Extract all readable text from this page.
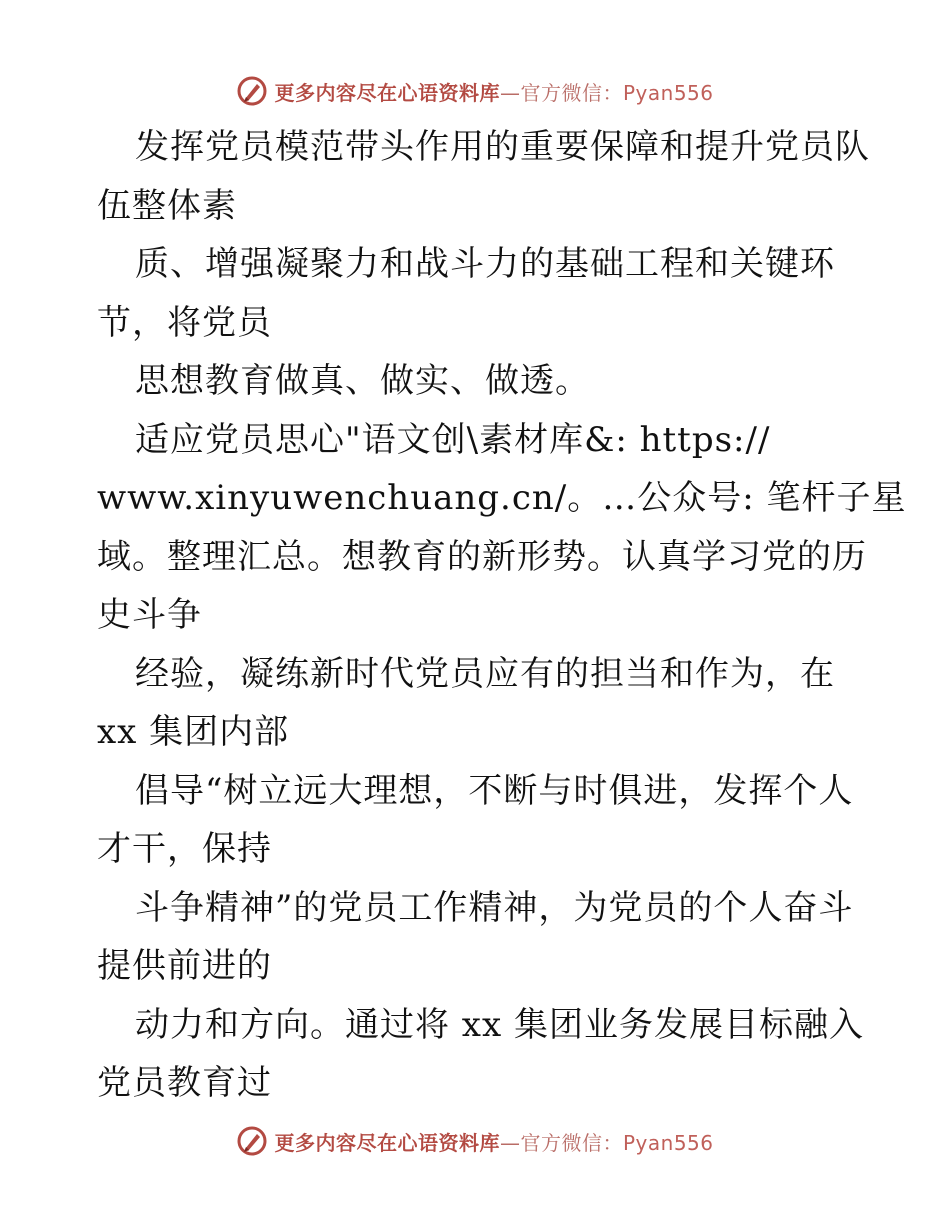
更多内容尽在心语资料库—官方微信：Pyan556
发挥党员模范带头作用的重要保障和提升党员队
伍整体素
质、增强凝聚力和战斗力的基础工程和关键环
节，将党员
思想教育做真、做实、做透。
适应党员思心"语文创\素材库&: https://
www.xinyuwenchuang.cn/。…公众号: 笔杆子星
域。整理汇总。想教育的新形势。认真学习党的历
史斗争
经验，凝练新时代党员应有的担当和作为，在
xx 集团内部
倡导“树立远大理想，不断与时俱进，发挥个人
才干，保持
斗争精神”的党员工作精神，为党员的个人奋斗
提供前进的
动力和方向。通过将 xx 集团业务发展目标融入
党员教育过
更多内容尽在心语资料库—官方微信：Pyan556
